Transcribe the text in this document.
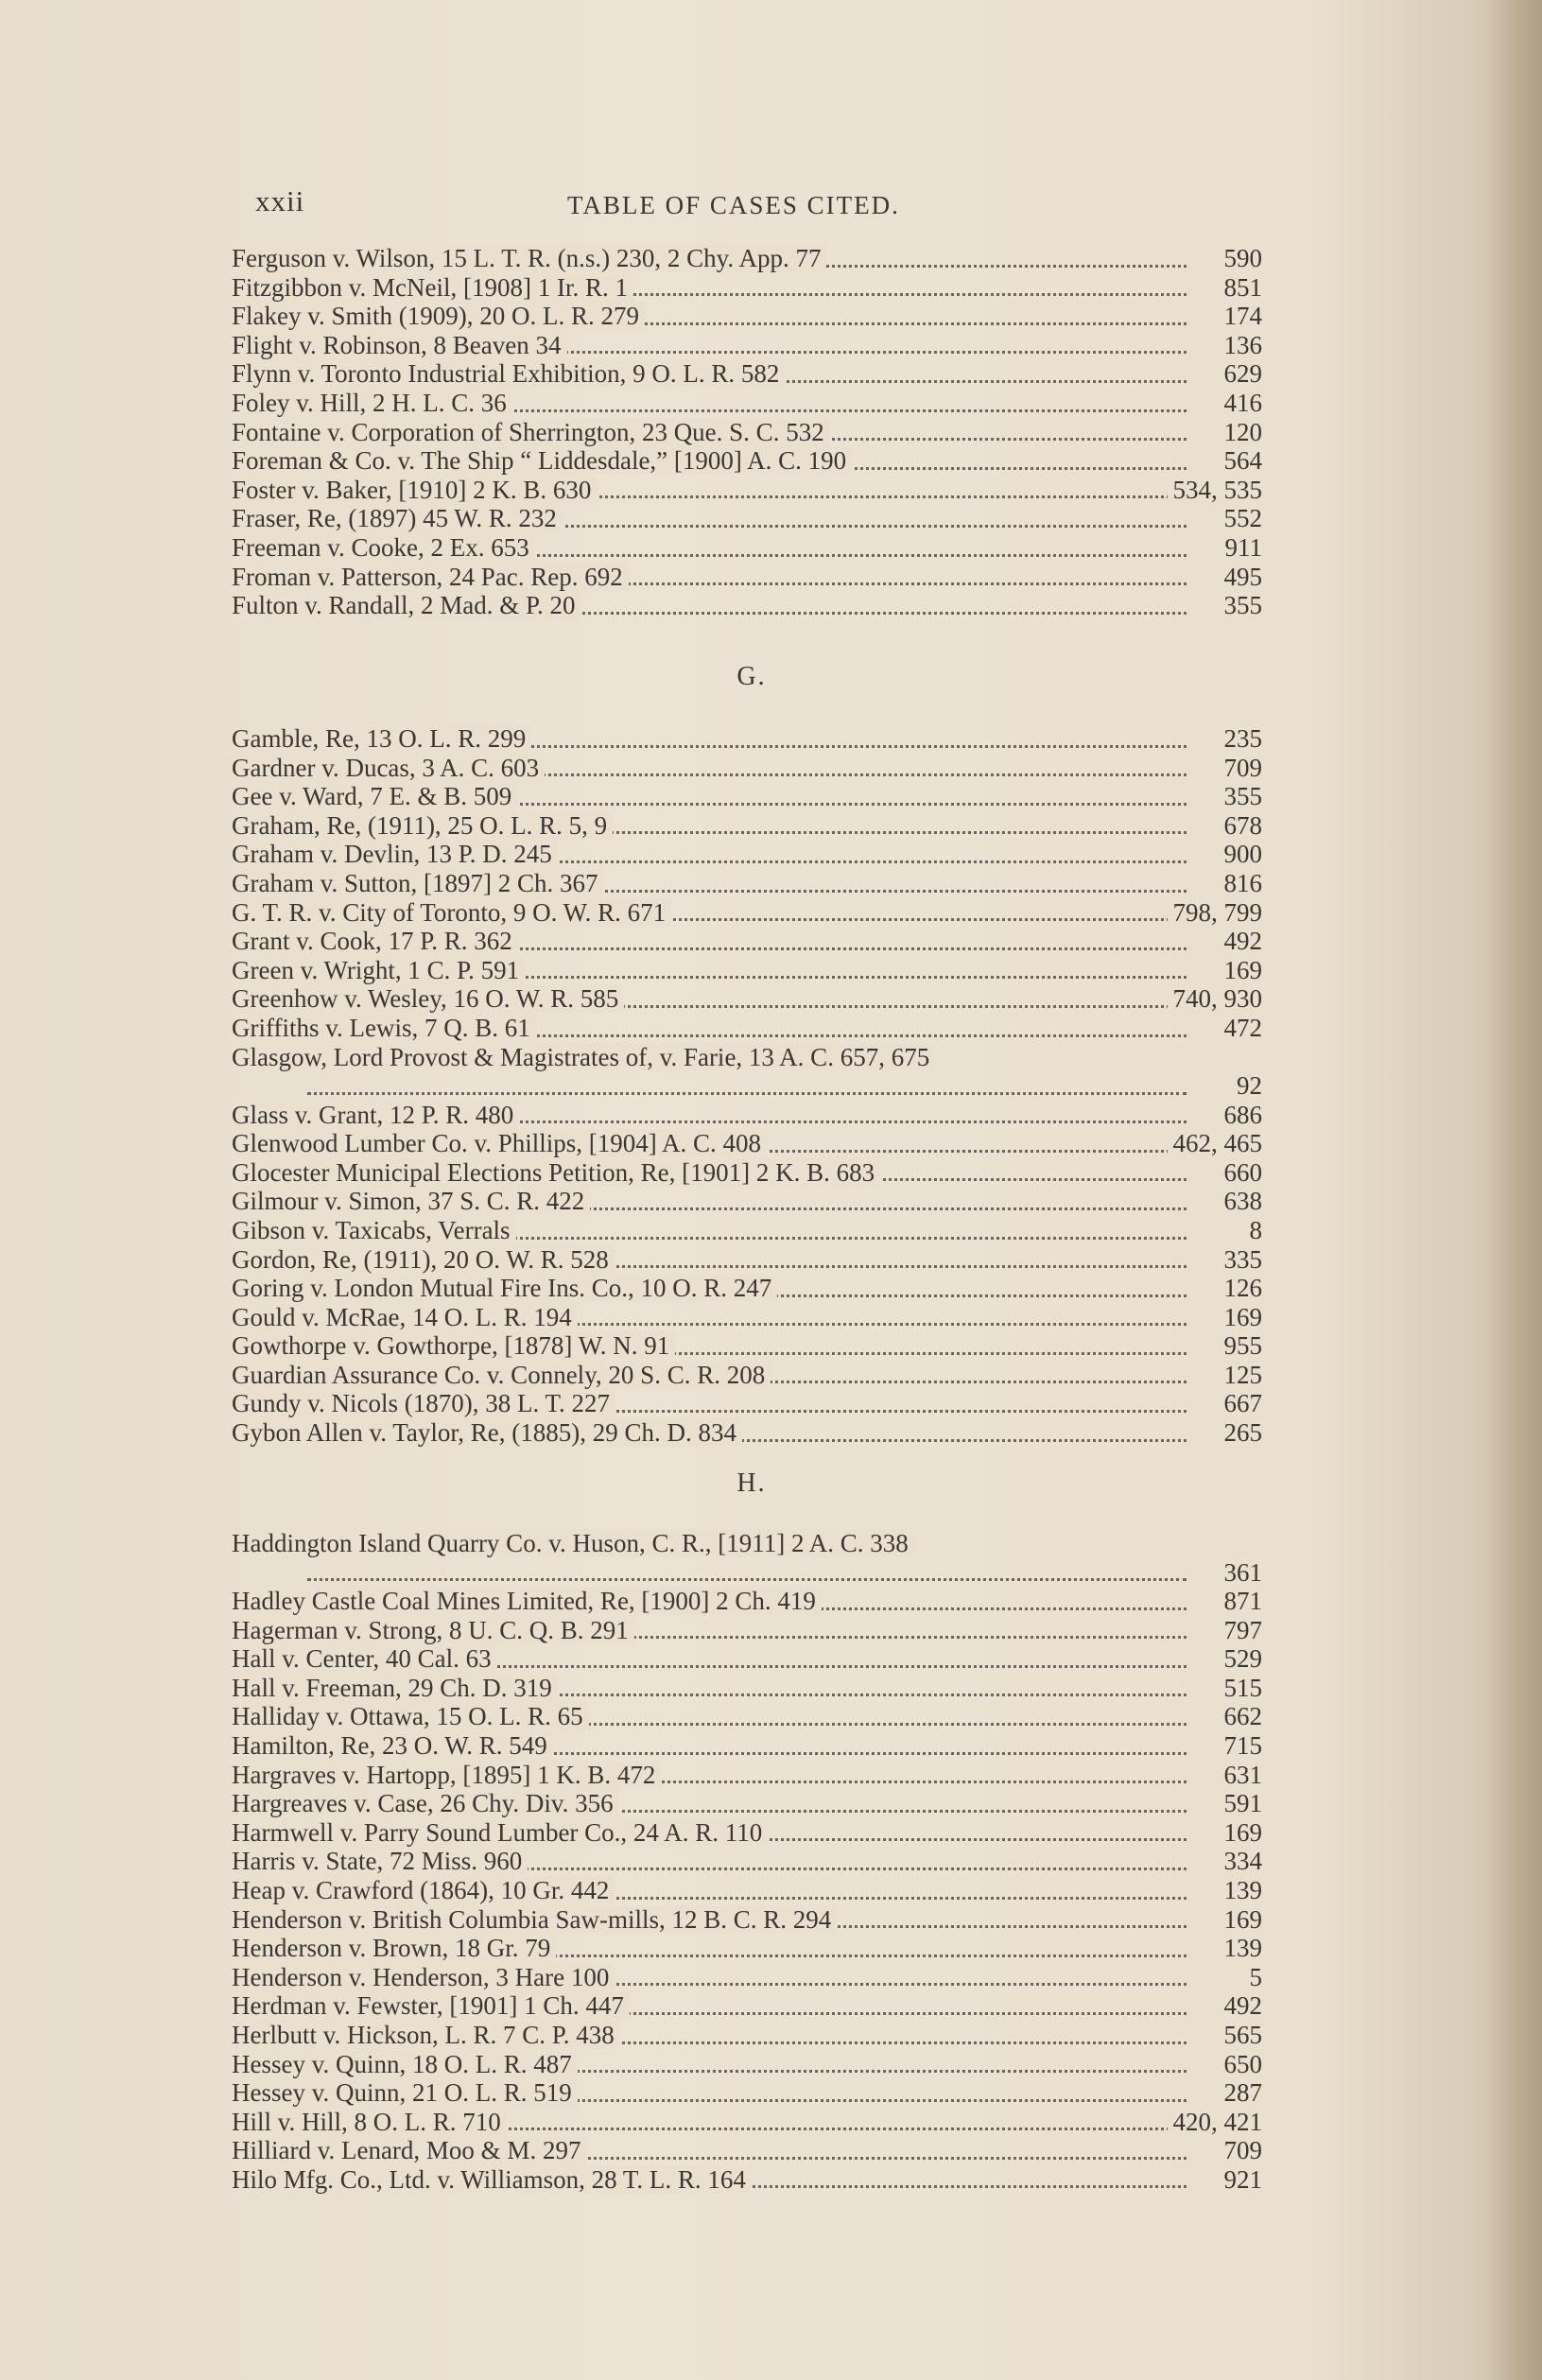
xxii	TABLE OF CASES CITED.
Ferguson v. Wilson, 15 L. T. R. (n.s.) 230, 2 Chy. App. 77	590
Fitzgibbon v. McNeil, [1908] 1 Ir. R. 1	851
Flakey v. Smith (1909), 20 O. L. R. 279	174
Flight v. Robinson, 8 Beaven 34	136
Flynn v. Toronto Industrial Exhibition, 9 O. L. R. 582	629
Foley v. Hill, 2 H. L. C. 36	416
Fontaine v. Corporation of Sherrington, 23 Que. S. C. 532	120
Foreman & Co. v. The Ship “ Liddesdale,” [1900] A. C. 190	564
Foster v. Baker, [1910] 2 K. B. 630	534, 535
Fraser, Re, (1897) 45 W. R. 232	552
Freeman v. Cooke, 2 Ex. 653	911
Froman v. Patterson, 24 Pac. Rep. 692	495
Fulton v. Randall, 2 Mad. & P. 20	355
G.
Gamble, Re, 13 O. L. R. 299	235
Gardner v. Ducas, 3 A. C. 603	709
Gee v. Ward, 7 E. & B. 509	355
Graham, Re, (1911), 25 O. L. R. 5, 9	678
Graham v. Devlin, 13 P. D. 245	900
Graham v. Sutton, [1897] 2 Ch. 367	816
G. T. R. v. City of Toronto, 9 O. W. R. 671	798, 799
Grant v. Cook, 17 P. R. 362	492
Green v. Wright, 1 C. P. 591	169
Greenhow v. Wesley, 16 O. W. R. 585	740, 930
Griffiths v. Lewis, 7 Q. B. 61	472
Glasgow, Lord Provost & Magistrates of, v. Farie, 13 A. C. 657, 675
92
Glass v. Grant, 12 P. R. 480	686
Glenwood Lumber Co. v. Phillips, [1904] A. C. 408	462, 465
Glocester Municipal Elections Petition, Re, [1901] 2 K. B. 683	660
Gilmour v. Simon, 37 S. C. R. 422	638
Gibson v. Taxicabs, Verrals	8
Gordon, Re, (1911), 20 O. W. R. 528	335
Goring v. London Mutual Fire Ins. Co., 10 O. R. 247	126
Gould v. McRae, 14 O. L. R. 194	169
Gowthorpe v. Gowthorpe, [1878] W. N. 91	955
Guardian Assurance Co. v. Connely, 20 S. C. R. 208	125
Gundy v. Nicols (1870), 38 L. T. 227	667
Gybon Allen v. Taylor, Re, (1885), 29 Ch. D. 834	265
H.
Haddington Island Quarry Co. v. Huson, C. R., [1911] 2 A. C. 338
361
Hadley Castle Coal Mines Limited, Re, [1900] 2 Ch. 419	871
Hagerman v. Strong, 8 U. C. Q. B. 291	797
Hall v. Center, 40 Cal. 63	529
Hall v. Freeman, 29 Ch. D. 319	515
Halliday v. Ottawa, 15 O. L. R. 65	662
Hamilton, Re, 23 O. W. R. 549	715
Hargraves v. Hartopp, [1895] 1 K. B. 472	631
Hargreaves v. Case, 26 Chy. Div. 356	591
Harmwell v. Parry Sound Lumber Co., 24 A. R. 110	169
Harris v. State, 72 Miss. 960	334
Heap v. Crawford (1864), 10 Gr. 442	139
Henderson v. British Columbia Saw-mills, 12 B. C. R. 294	169
Henderson v. Brown, 18 Gr. 79	139
Henderson v. Henderson, 3 Hare 100	5
Herdman v. Fewster, [1901] 1 Ch. 447	492
Herlbutt v. Hickson, L. R. 7 C. P. 438	565
Hessey v. Quinn, 18 O. L. R. 487	650
Hessey v. Quinn, 21 O. L. R. 519	287
Hill v. Hill, 8 O. L. R. 710	420, 421
Hilliard v. Lenard, Moo & M. 297	709
Hilo Mfg. Co., Ltd. v. Williamson, 28 T. L. R. 164	921
